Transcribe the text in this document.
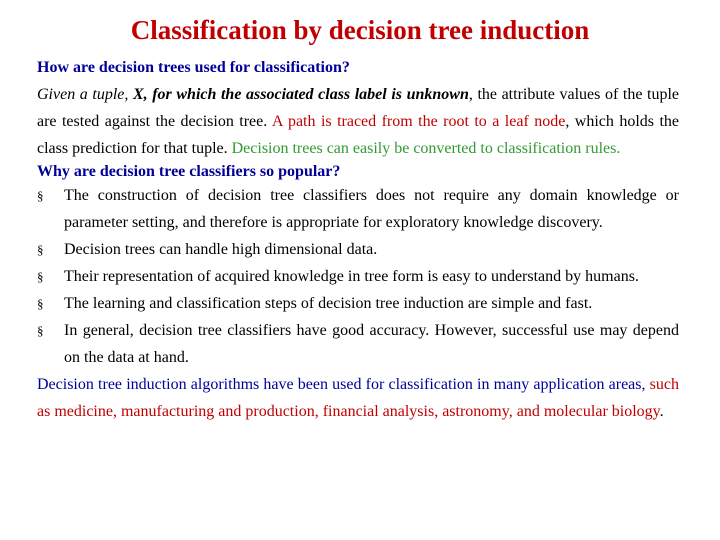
Classification by decision tree induction

How are decision trees used for classification?

Given a tuple, X, for which the associated class label is unknown, the attribute values of the tuple are tested against the decision tree. A path is traced from the root to a leaf node, which holds the class prediction for that tuple. Decision trees can easily be converted to classification rules.

Why are decision tree classifiers so popular?

§	The construction of decision tree classifiers does not require any domain knowledge or parameter setting, and therefore is appropriate for exploratory knowledge discovery.
§	Decision trees can handle high dimensional data.
§	Their representation of acquired knowledge in tree form is easy to understand by humans.
§	The learning and classification steps of decision tree induction are simple and fast.
§	In general, decision tree classifiers have good accuracy. However, successful use may depend on the data at hand.

Decision tree induction algorithms have been used for classification in many application areas, such as medicine, manufacturing and production, financial analysis, astronomy, and molecular biology.
